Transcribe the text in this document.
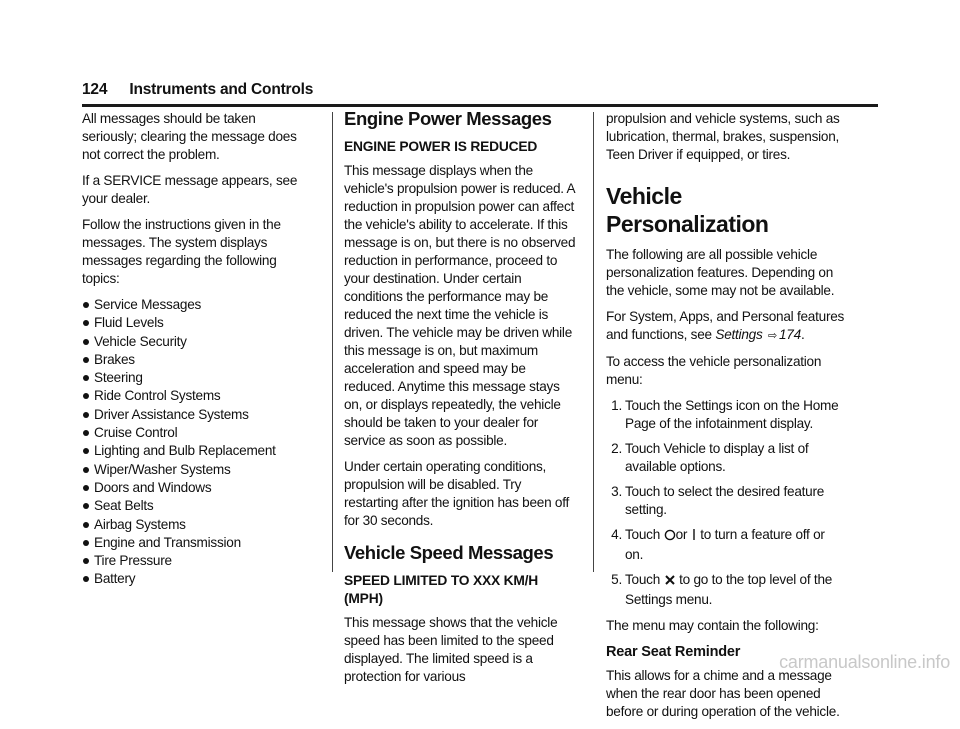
124 Instruments and Controls

All messages should be taken seriously; clearing the message does not correct the problem.

If a SERVICE message appears, see your dealer.

Follow the instructions given in the messages. The system displays messages regarding the following topics:

Service Messages
Fluid Levels
Vehicle Security
Brakes
Steering
Ride Control Systems
Driver Assistance Systems
Cruise Control
Lighting and Bulb Replacement
Wiper/Washer Systems
Doors and Windows
Seat Belts
Airbag Systems
Engine and Transmission
Tire Pressure
Battery
Engine Power Messages
ENGINE POWER IS REDUCED

This message displays when the vehicle's propulsion power is reduced. A reduction in propulsion power can affect the vehicle's ability to accelerate. If this message is on, but there is no observed reduction in performance, proceed to your destination. Under certain conditions the performance may be reduced the next time the vehicle is driven. The vehicle may be driven while this message is on, but maximum acceleration and speed may be reduced. Anytime this message stays on, or displays repeatedly, the vehicle should be taken to your dealer for service as soon as possible.

Under certain operating conditions, propulsion will be disabled. Try restarting after the ignition has been off for 30 seconds.

Vehicle Speed Messages
SPEED LIMITED TO XXX KM/H (MPH)

This message shows that the vehicle speed has been limited to the speed displayed. The limited speed is a protection for various

propulsion and vehicle systems, such as lubrication, thermal, brakes, suspension, Teen Driver if equipped, or tires.

Vehicle Personalization

The following are all possible vehicle personalization features. Depending on the vehicle, some may not be available.

For System, Apps, and Personal features and functions, see Settings ⇨ 174.

To access the vehicle personalization menu:

1. Touch the Settings icon on the Home Page of the infotainment display.
2. Touch Vehicle to display a list of available options.
3. Touch to select the desired feature setting.
4. Touch or to turn a feature off or on.
5. Touch to go to the top level of the Settings menu.

The menu may contain the following:

Rear Seat Reminder

This allows for a chime and a message when the rear door has been opened before or during operation of the vehicle.

carmanualsonline.info
